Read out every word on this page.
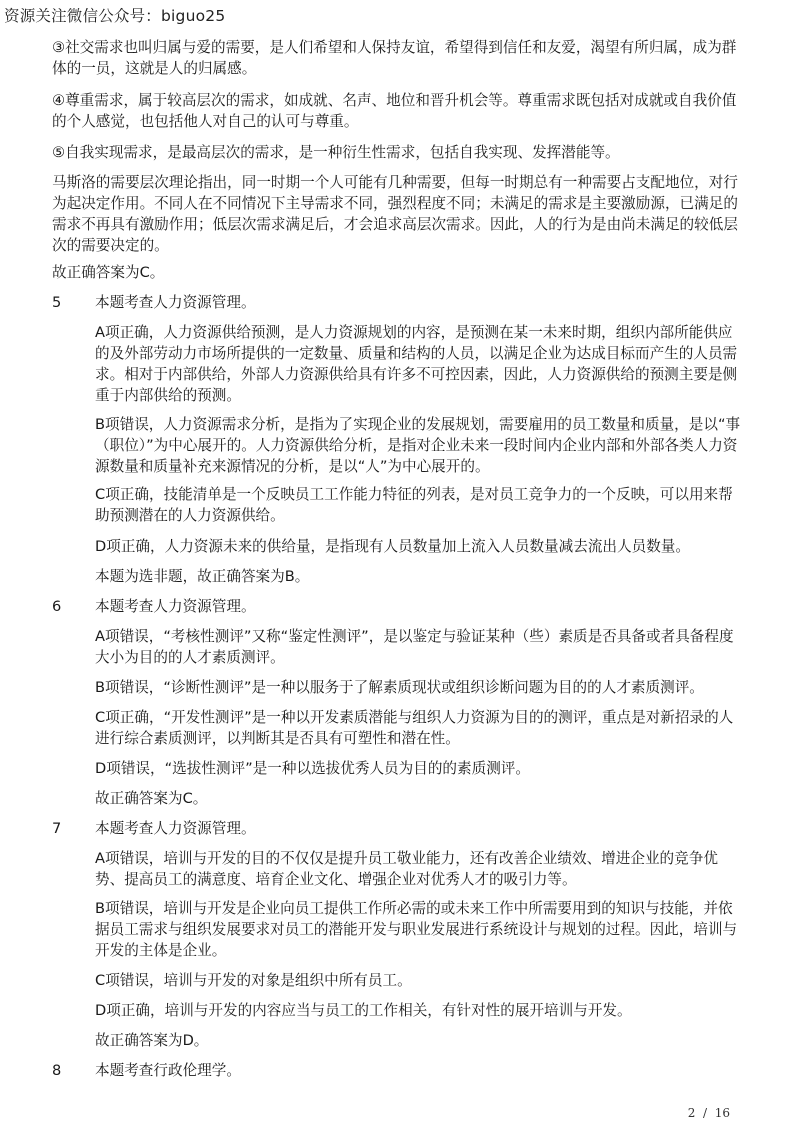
资源关注微信公众号：biguo25

③社交需求也叫归属与爱的需要，是人们希望和人保持友谊，希望得到信任和友爱，渴望有所归属，成为群体的一员，这就是人的归属感。

④尊重需求，属于较高层次的需求，如成就、名声、地位和晋升机会等。尊重需求既包括对成就或自我价值的个人感觉，也包括他人对自己的认可与尊重。

⑤自我实现需求，是最高层次的需求，是一种衍生性需求，包括自我实现、发挥潜能等。

马斯洛的需要层次理论指出，同一时期一个人可能有几种需要，但每一时期总有一种需要占支配地位，对行为起决定作用。不同人在不同情况下主导需求不同，强烈程度不同；未满足的需求是主要激励源，已满足的需求不再具有激励作用；低层次需求满足后，才会追求高层次需求。因此，人的行为是由尚未满足的较低层次的需要决定的。

故正确答案为C。

5 本题考查人力资源管理。

A项正确，人力资源供给预测，是人力资源规划的内容，是预测在某一未来时期，组织内部所能供应的及外部劳动力市场所提供的一定数量、质量和结构的人员，以满足企业为达成目标而产生的人员需求。相对于内部供给，外部人力资源供给具有许多不可控因素，因此，人力资源供给的预测主要是侧重于内部供给的预测。

B项错误，人力资源需求分析，是指为了实现企业的发展规划，需要雇用的员工数量和质量，是以“事（职位）”为中心展开的。人力资源供给分析，是指对企业未来一段时间内企业内部和外部各类人力资源数量和质量补充来源情况的分析，是以“人”为中心展开的。

C项正确，技能清单是一个反映员工工作能力特征的列表，是对员工竞争力的一个反映，可以用来帮助预测潜在的人力资源供给。

D项正确，人力资源未来的供给量，是指现有人员数量加上流入人员数量减去流出人员数量。

本题为选非题，故正确答案为B。

6 本题考查人力资源管理。

A项错误，“考核性测评”又称“鉴定性测评”，是以鉴定与验证某种（些）素质是否具备或者具备程度大小为目的的人才素质测评。

B项错误，“诊断性测评”是一种以服务于了解素质现状或组织诊断问题为目的的人才素质测评。

C项正确，“开发性测评”是一种以开发素质潜能与组织人力资源为目的的测评，重点是对新招录的人进行综合素质测评，以判断其是否具有可塑性和潜在性。

D项错误，“选拔性测评”是一种以选拔优秀人员为目的的素质测评。

故正确答案为C。

7 本题考查人力资源管理。

A项错误，培训与开发的目的不仅仅是提升员工敬业能力，还有改善企业绩效、增进企业的竞争优势、提高员工的满意度、培育企业文化、增强企业对优秀人才的吸引力等。

B项错误，培训与开发是企业向员工提供工作所必需的或未来工作中所需要用到的知识与技能，并依据员工需求与组织发展要求对员工的潜能开发与职业发展进行系统设计与规划的过程。因此，培训与开发的主体是企业。

C项错误，培训与开发的对象是组织中所有员工。

D项正确，培训与开发的内容应当与员工的工作相关，有针对性的展开培训与开发。

故正确答案为D。

8 本题考查行政伦理学。
2 / 16
